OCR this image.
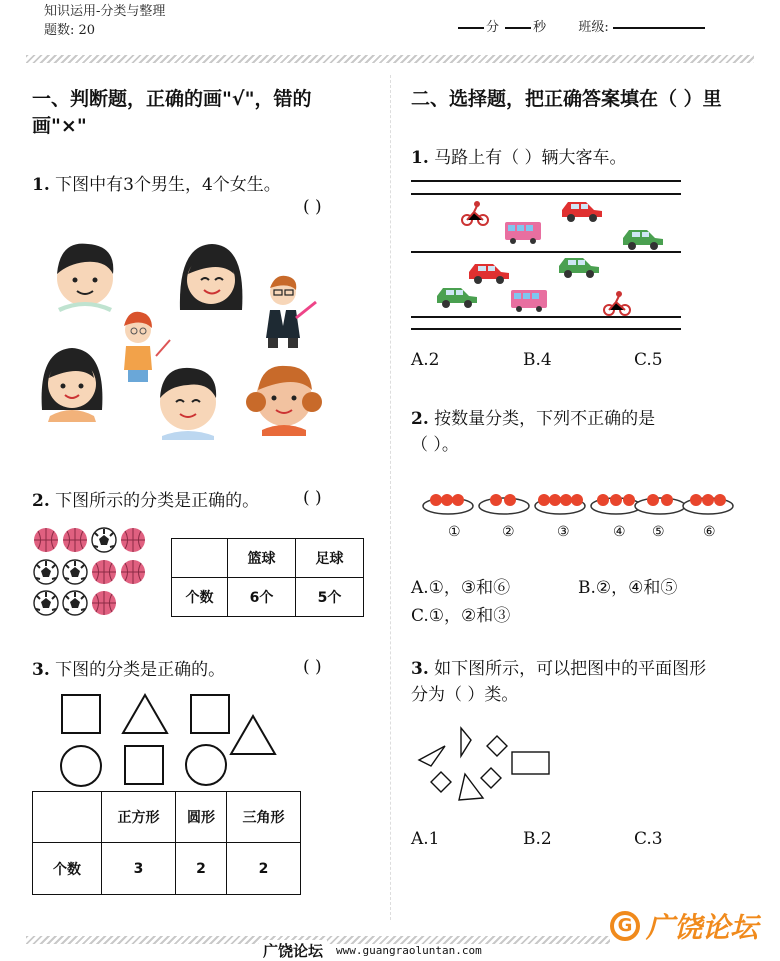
知识运用-分类与整理
题数: 20	分	秒 班级:
一、判断题，正确的画"√"，错的
画"×"
1. 下图中有3个男生，4个女生。
( )
2. 下图所示的分类是正确的。	( )
	篮球	足球
个数	6个	5个
3. 下图的分类是正确的。	( )
	正方形	圆形	三角形
个数	3	2	2
二、选择题，把正确答案填在（ ）里
1. 马路上有（ ）辆大客车。
A.2	B.4	C.5
2. 按数量分类，下列不正确的是
（ ）。
①	②	③	④ ⑤	⑥
A.①，③和⑥	B.②，④和⑤
C.①，②和③
3. 如下图所示，可以把图中的平面图形
分为（ ）类。
A.1	B.2	C.3
广饶论坛	www.guangraoluntan.com
G 广饶论坛
